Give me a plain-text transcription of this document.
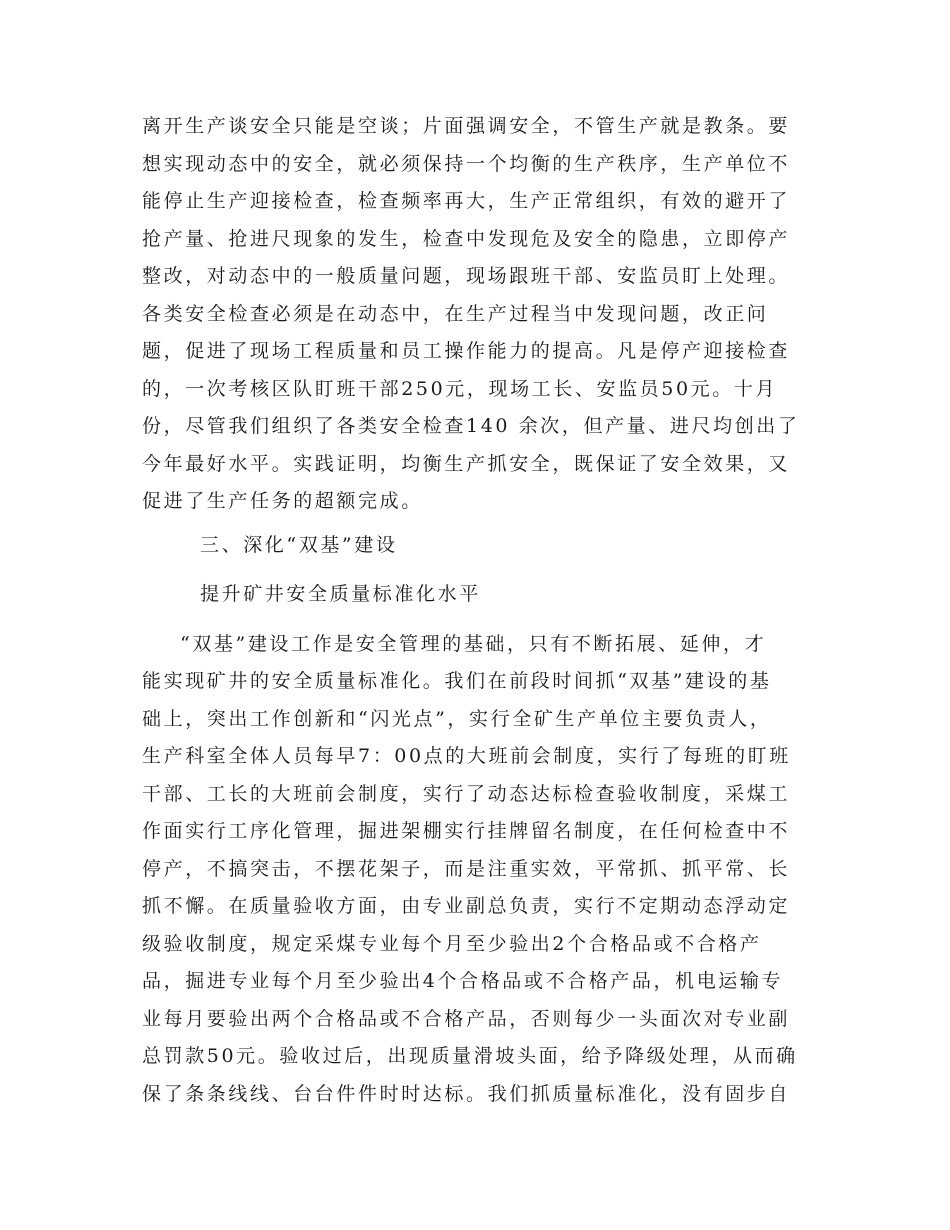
离开生产谈安全只能是空谈；片面强调安全，不管生产就是教条。要
想实现动态中的安全，就必须保持一个均衡的生产秩序，生产单位不
能停止生产迎接检查，检查频率再大，生产正常组织，有效的避开了
抢产量、抢进尺现象的发生，检查中发现危及安全的隐患，立即停产
整改，对动态中的一般质量问题，现场跟班干部、安监员盯上处理。
各类安全检查必须是在动态中，在生产过程当中发现问题，改正问
题，促进了现场工程质量和员工操作能力的提高。凡是停产迎接检查
的，一次考核区队盯班干部250元，现场工长、安监员50元。十月
份，尽管我们组织了各类安全检查140 余次，但产量、进尺均创出了
今年最好水平。实践证明，均衡生产抓安全，既保证了安全效果，又
促进了生产任务的超额完成。
三、深化“双基”建设
提升矿井安全质量标准化水平
“双基”建设工作是安全管理的基础，只有不断拓展、延伸，才
能实现矿井的安全质量标准化。我们在前段时间抓“双基”建设的基
础上，突出工作创新和“闪光点”，实行全矿生产单位主要负责人，
生产科室全体人员每早7：00点的大班前会制度，实行了每班的盯班
干部、工长的大班前会制度，实行了动态达标检查验收制度，采煤工
作面实行工序化管理，掘进架棚实行挂牌留名制度，在任何检查中不
停产，不搞突击，不摆花架子，而是注重实效，平常抓、抓平常、长
抓不懈。在质量验收方面，由专业副总负责，实行不定期动态浮动定
级验收制度，规定采煤专业每个月至少验出2个合格品或不合格产
品，掘进专业每个月至少验出4个合格品或不合格产品，机电运输专
业每月要验出两个合格品或不合格产品，否则每少一头面次对专业副
总罚款50元。验收过后，出现质量滑坡头面，给予降级处理，从而确
保了条条线线、台台件件时时达标。我们抓质量标准化，没有固步自
